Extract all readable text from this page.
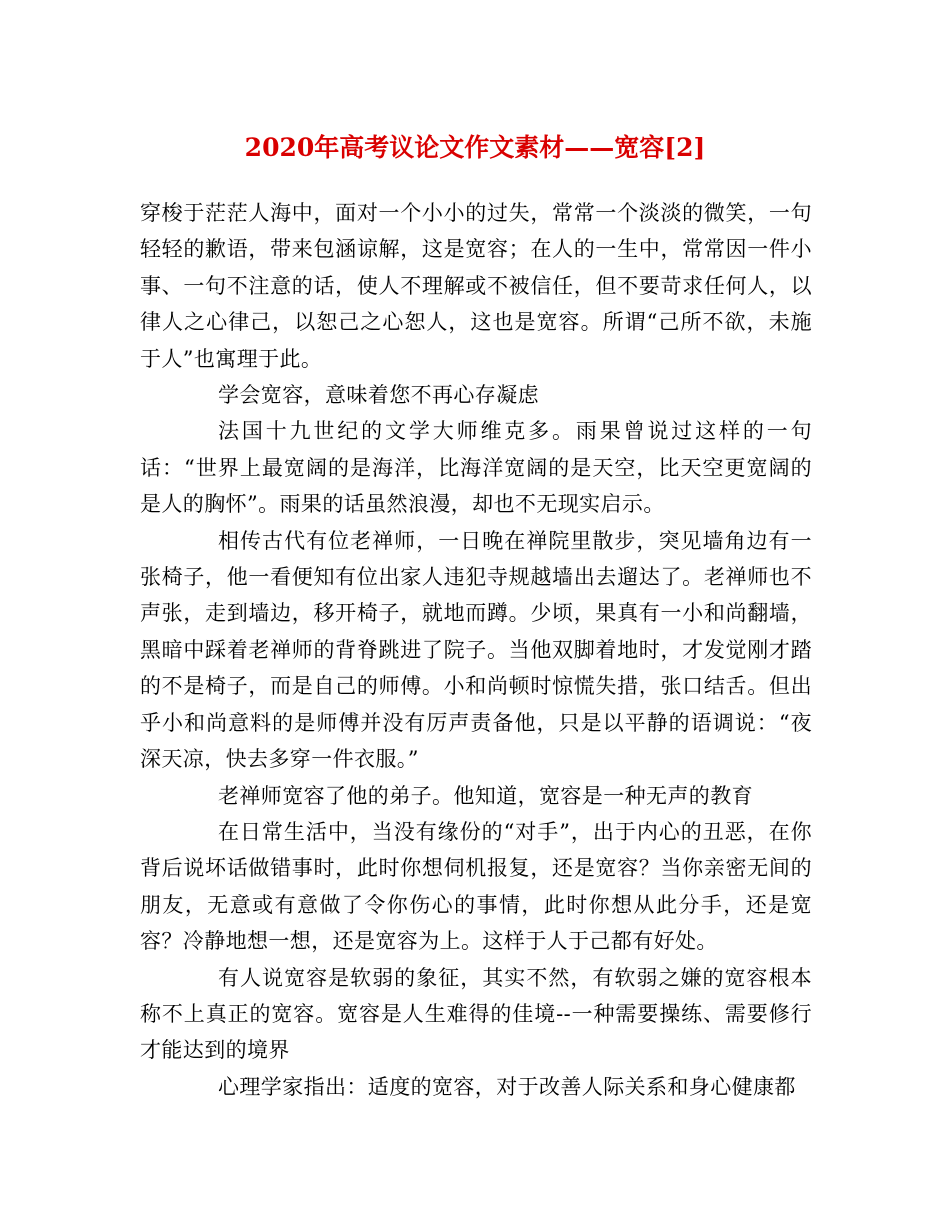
2020年高考议论文作文素材——宽容[2]

穿梭于茫茫人海中，面对一个小小的过失，常常一个淡淡的微笑，一句轻轻的歉语，带来包涵谅解，这是宽容；在人的一生中，常常因一件小事、一句不注意的话，使人不理解或不被信任，但不要苛求任何人，以律人之心律己，以恕己之心恕人，这也是宽容。所谓“己所不欲，未施于人”也寓理于此。

学会宽容，意味着您不再心存凝虑

法国十九世纪的文学大师维克多。雨果曾说过这样的一句话：“世界上最宽阔的是海洋，比海洋宽阔的是天空，比天空更宽阔的是人的胸怀”。雨果的话虽然浪漫，却也不无现实启示。

相传古代有位老禅师，一日晚在禅院里散步，突见墙角边有一张椅子，他一看便知有位出家人违犯寺规越墙出去遛达了。老禅师也不声张，走到墙边，移开椅子，就地而蹲。少顷，果真有一小和尚翻墙，黑暗中踩着老禅师的背脊跳进了院子。当他双脚着地时，才发觉刚才踏的不是椅子，而是自己的师傅。小和尚顿时惊慌失措，张口结舌。但出乎小和尚意料的是师傅并没有厉声责备他，只是以平静的语调说：“夜深天凉，快去多穿一件衣服。”

老禅师宽容了他的弟子。他知道，宽容是一种无声的教育

在日常生活中，当没有缘份的“对手”，出于内心的丑恶，在你背后说坏话做错事时，此时你想伺机报复，还是宽容？当你亲密无间的朋友，无意或有意做了令你伤心的事情，此时你想从此分手，还是宽容？冷静地想一想，还是宽容为上。这样于人于己都有好处。

有人说宽容是软弱的象征，其实不然，有软弱之嫌的宽容根本称不上真正的宽容。宽容是人生难得的佳境--一种需要操练、需要修行才能达到的境界

心理学家指出：适度的宽容，对于改善人际关系和身心健康都
